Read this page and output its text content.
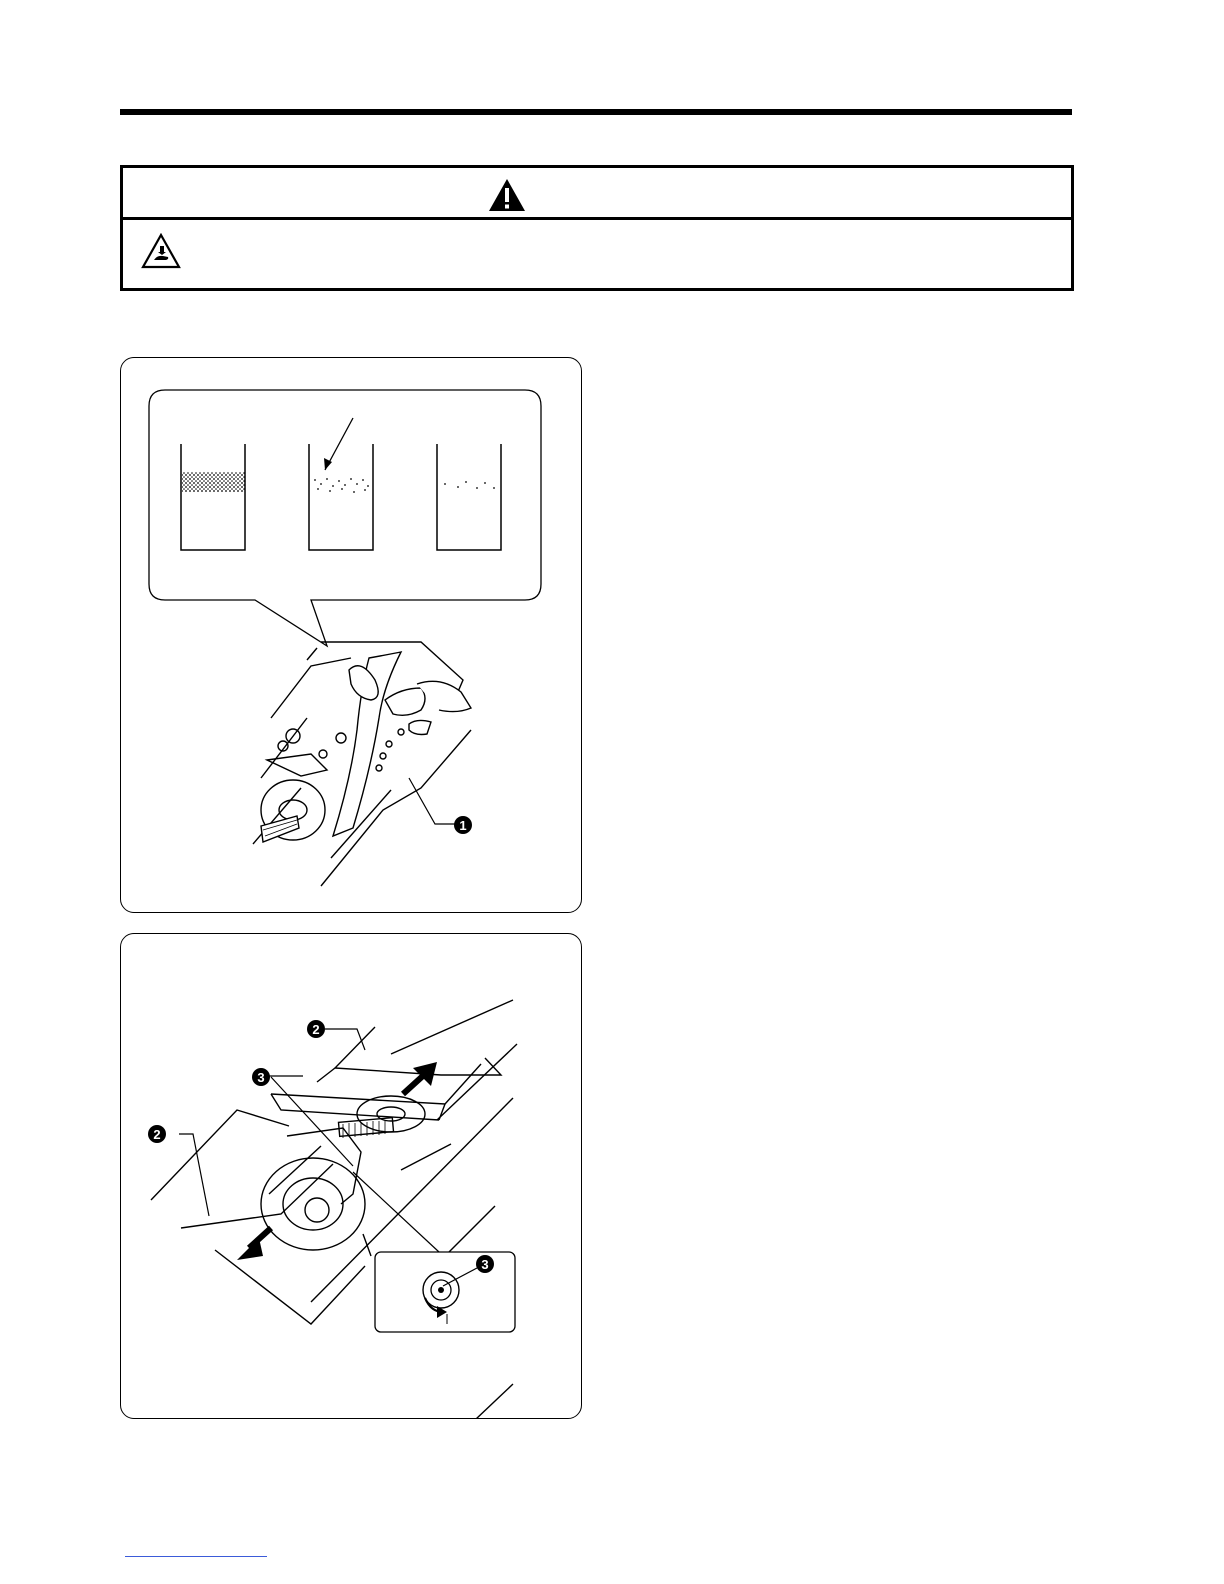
1
2
2
3
3
